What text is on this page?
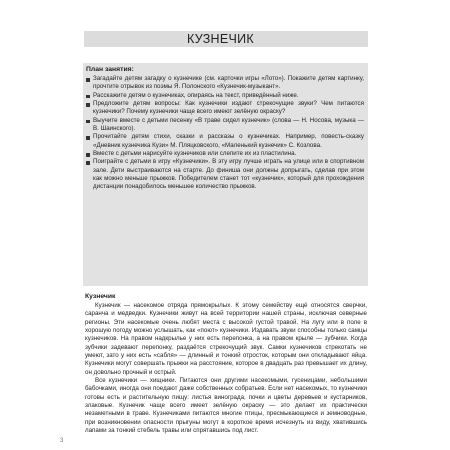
КУЗНЕЧИК

План занятия:

Загадайте детям загадку о кузнечике (см. карточки игры «Лото»). Покажите детям картинку, прочтите отрывок из поэмы Я. Полонского «Кузнечик-музыкант».
Расскажите детям о кузнечиках, опираясь на текст, приведённый ниже.
Предложите детям вопросы: Как кузнечики издают стрекочущие звуки? Чем питаются кузнечики? Почему кузнечики чаще всего имеют зелёную окраску?
Выучите вместе с детьми песенку «В траве сидел кузнечик» (слова — Н. Носова, музыка — В. Шаинского).
Прочитайте детям стихи, сказки и рассказы о кузнечиках. Например, повесть-сказку «Дневник кузнечика Кузи» М. Пляцковского, «Маленький кузнечик» С. Козлова.
Вместе с детьми нарисуйте кузнечиков или слепите их из пластилина.
Поиграйте с детьми в игру «Кузнечики». В эту игру лучше играть на улице или в спортивном зале. Дети выстраиваются на старте. До финиша они должны допрыгать, сделав при этом как можно меньше прыжков. Победителем станет тот «кузнечик», который для прохождения дистанции понадобилось меньшее количество прыжков.

Кузнечик

Кузнечик — насекомое отряда прямокрылых. К этому семейству ещё относятся сверчки, саранча и медведки. Кузнечики живут на всей территории нашей страны, исключая северные регионы. Эти насекомые очень любят места с высокой густой травой. На лугу или в поле в хорошую погоду можно услышать, как «поют» кузнечики. Издавать звуки способны только самцы кузнечиков. На правом надкрылье у них есть перепонка, а на правом крыле — зубчики. Когда зубчики задевают перепонку, раздаётся стрекочущий звук. Самки кузнечиков стрекотать не умеют, зато у них есть «сабля» — длинный и тонкий отросток, которым они откладывают яйца. Кузнечики могут совершать прыжки на расстояние, которое в двадцать раз превышает их длину, он довольно прочный и острый.

Все кузнечики — хищники. Питаются они другими насекомыми, гусеницами, небольшими бабочками, иногда они поедают даже собственных собратьев. Если нет насекомых, то кузнечики готовы есть и растительную пищу: листья винограда, почки и цветы деревьев и кустарников, злаковые. Кузнечик чаще всего имеет зелёную окраску — это делает их практически незаметными в траве. Кузнечиками питаются многие птицы, пресмыкающиеся и земноводные, при возникновении опасности прыгуны могут в короткое время исчезнуть из виду, хватившись лапами за тонкий стебель травы или спрятавшись под лист.

3
